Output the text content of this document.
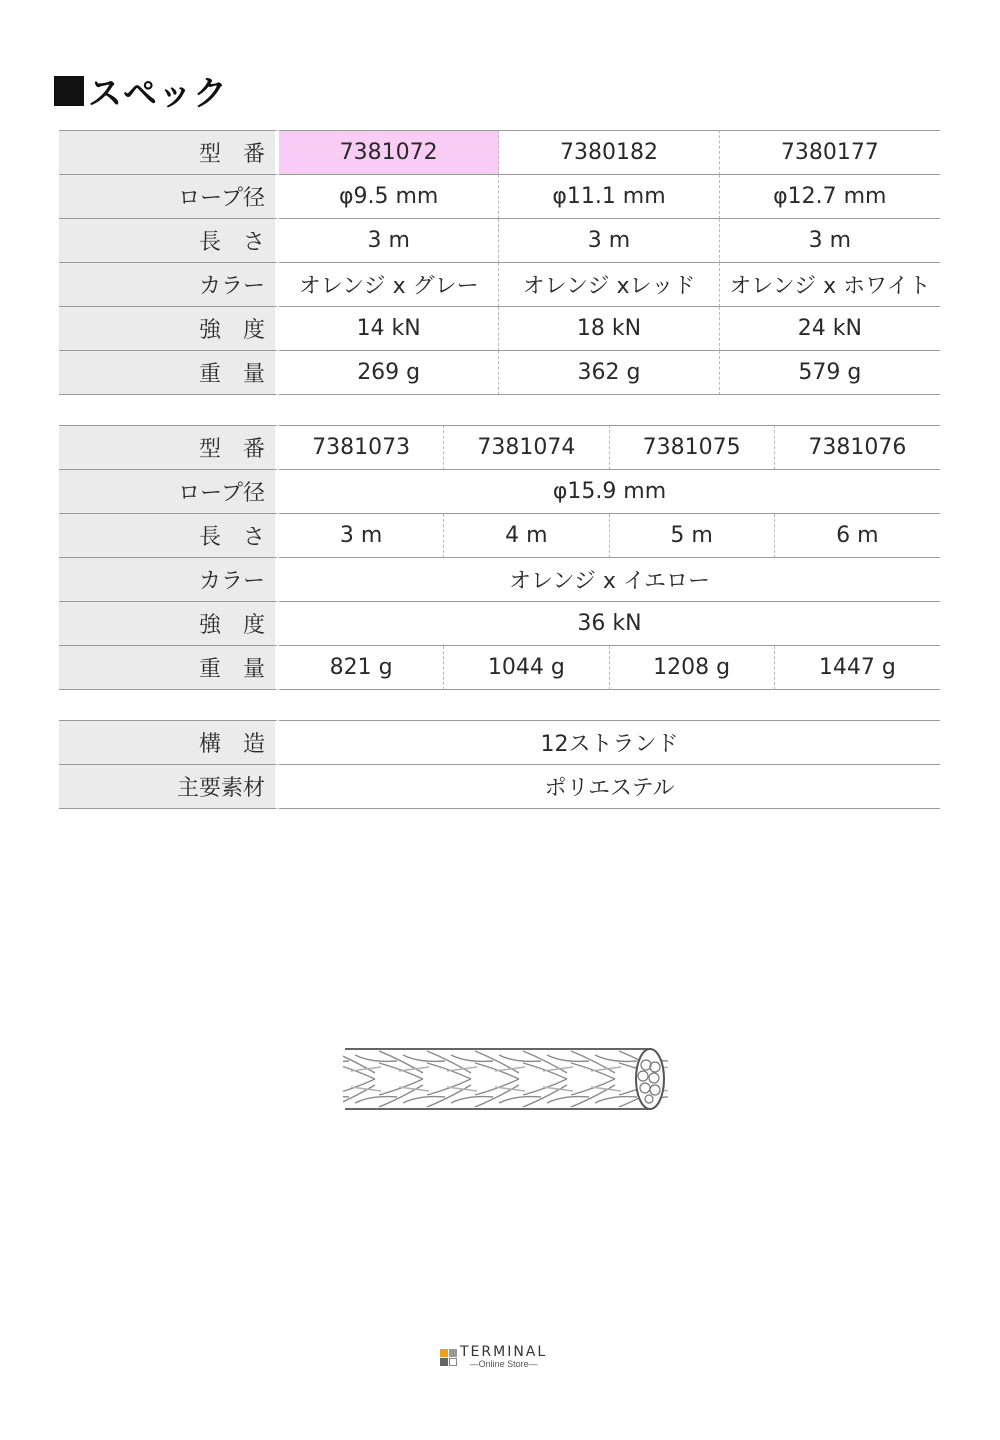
スペック
型　番	7381072	7380182	7380177
ロープ径	φ9.5 mm	φ11.1 mm	φ12.7 mm
長　さ	3 m	3 m	3 m
カラー	オレンジ x グレー	オレンジ xレッド	オレンジ x ホワイト
強　度	14 kN	18 kN	24 kN
重　量	269 g	362 g	579 g
型　番	7381073	7381074	7381075	7381076
ロープ径	φ15.9 mm			
長　さ	3 m	4 m	5 m	6 m
カラー	オレンジ x イエロー			
強　度	36 kN			
重　量	821 g	1044 g	1208 g	1447 g
構　造	12ストランド
主要素材	ポリエステル
TERMINAL
—Online Store—
